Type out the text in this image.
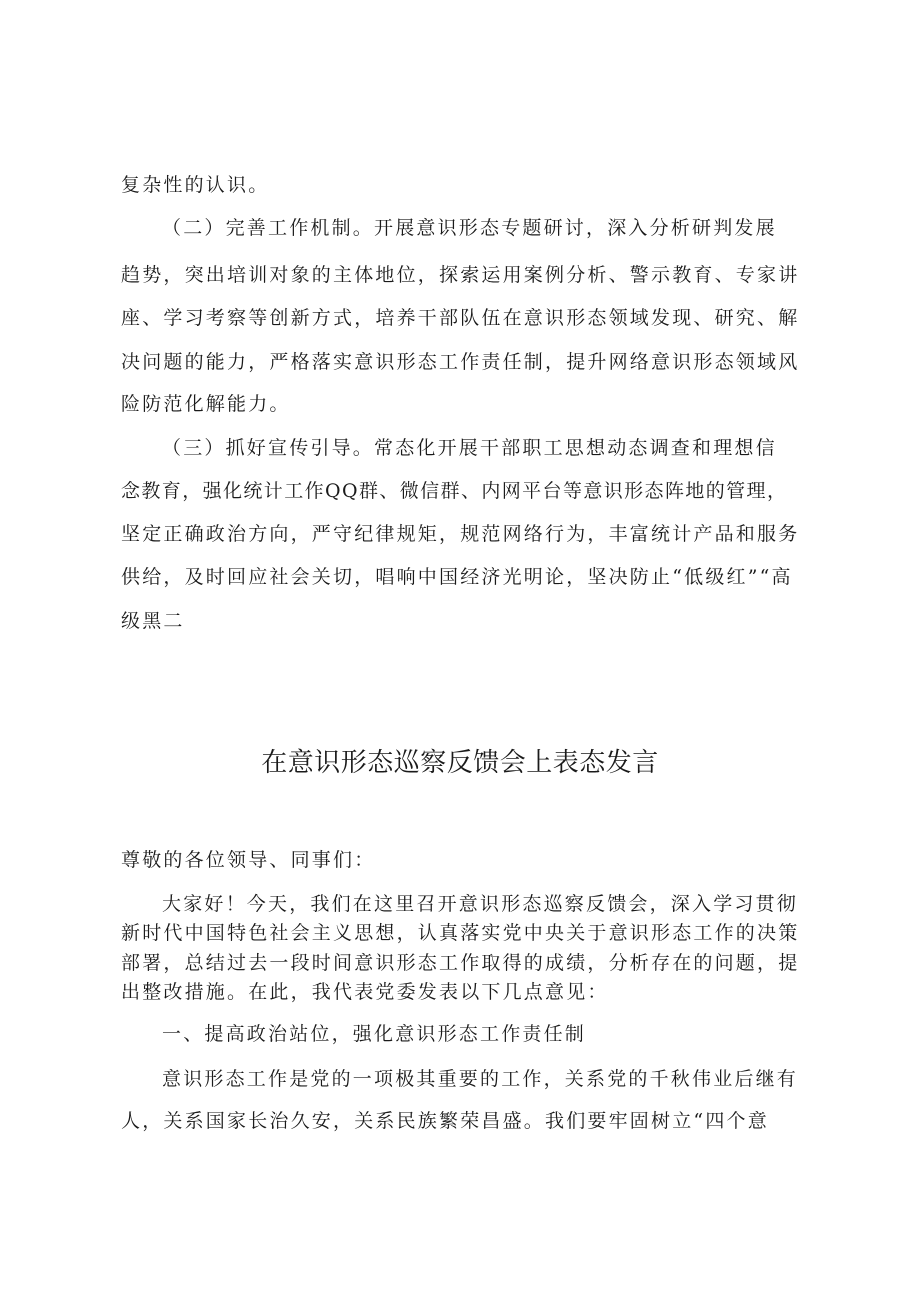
复杂性的认识。
（二）完善工作机制。开展意识形态专题研讨，深入分析研判发展
趋势，突出培训对象的主体地位，探索运用案例分析、警示教育、专家讲
座、学习考察等创新方式，培养干部队伍在意识形态领域发现、研究、解
决问题的能力，严格落实意识形态工作责任制，提升网络意识形态领域风
险防范化解能力。
（三）抓好宣传引导。常态化开展干部职工思想动态调查和理想信
念教育，强化统计工作QQ群、微信群、内网平台等意识形态阵地的管理，
坚定正确政治方向，严守纪律规矩，规范网络行为，丰富统计产品和服务
供给，及时回应社会关切，唱响中国经济光明论，坚决防止“低级红”“高
级黑二
在意识形态巡察反馈会上表态发言
尊敬的各位领导、同事们：
大家好！今天，我们在这里召开意识形态巡察反馈会，深入学习贯彻
新时代中国特色社会主义思想，认真落实党中央关于意识形态工作的决策
部署，总结过去一段时间意识形态工作取得的成绩，分析存在的问题，提
出整改措施。在此，我代表党委发表以下几点意见：
一、提高政治站位，强化意识形态工作责任制
意识形态工作是党的一项极其重要的工作，关系党的千秋伟业后继有
人，关系国家长治久安，关系民族繁荣昌盛。我们要牢固树立“四个意
